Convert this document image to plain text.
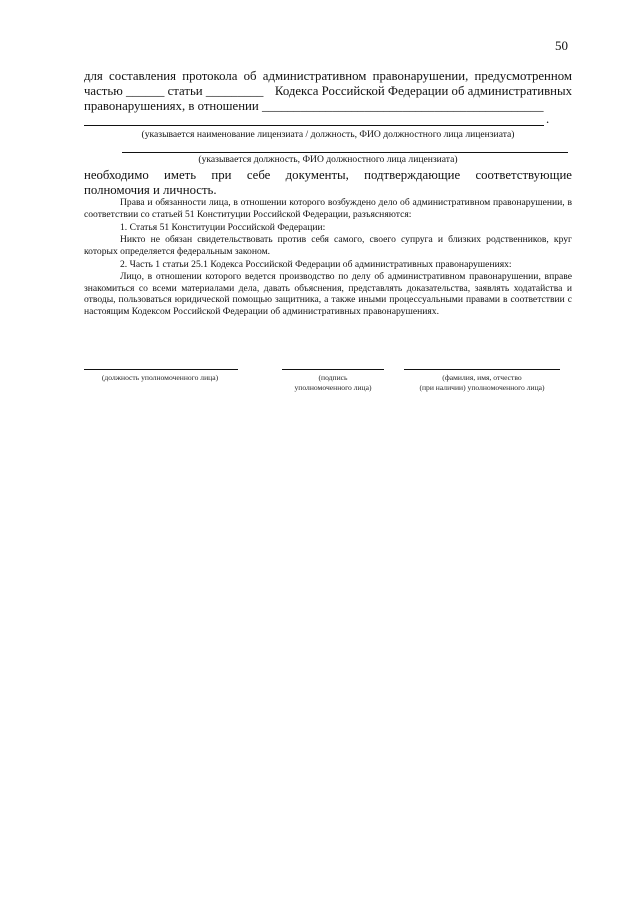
50
для составления протокола об административном правонарушении, предусмотренном
частью ______ статьи _________ Кодекса Российской Федерации об административных
правонарушениях, в отношении ____________________________________________
.
(указывается наименование лицензиата / должность, ФИО должностного лица лицензиата)
(указывается должность, ФИО должностного лица лицензиата)
необходимо иметь при себе документы, подтверждающие соответствующие
полномочия и личность.
Права и обязанности лица, в отношении которого возбуждено дело об административном правонарушении, в соответствии со статьей 51 Конституции Российской Федерации, разъясняются:
1. Статья 51 Конституции Российской Федерации:
Никто не обязан свидетельствовать против себя самого, своего супруга и близких родственников, круг которых определяется федеральным законом.
2. Часть 1 статьи 25.1 Кодекса Российской Федерации об административных правонарушениях:
Лицо, в отношении которого ведется производство по делу об административном правонарушении, вправе знакомиться со всеми материалами дела, давать объяснения, представлять доказательства, заявлять ходатайства и отводы, пользоваться юридической помощью защитника, а также иными процессуальными правами в соответствии с настоящим Кодексом Российской Федерации об административных правонарушениях.
(должность уполномоченного лица)	(подпись
уполномоченного лица)
(фамилия, имя, отчество
(при наличии) уполномоченного лица)
